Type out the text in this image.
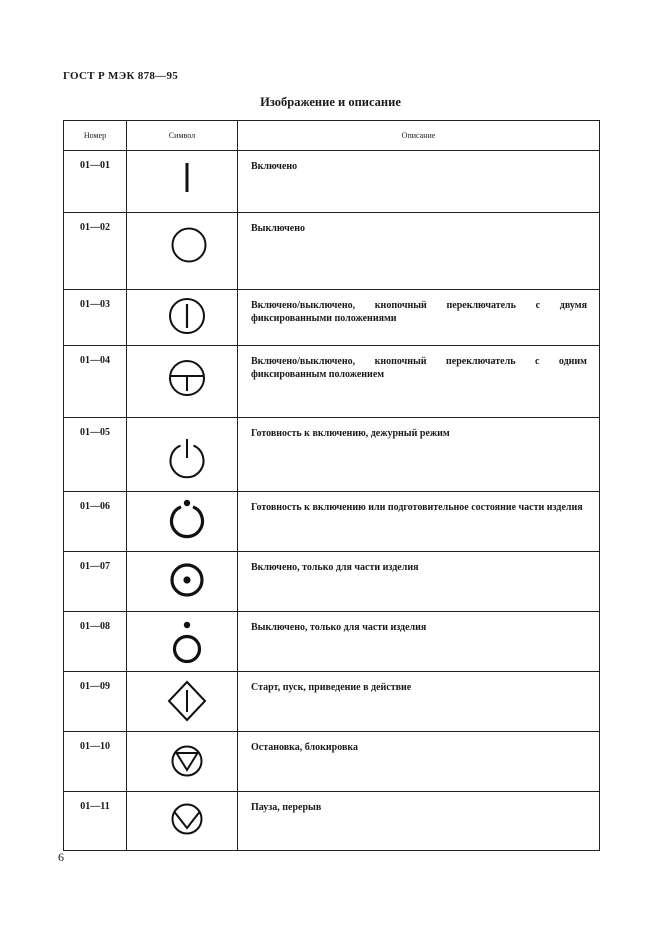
ГОСТ Р МЭК 878—95
Изображение и описание
Номер	Символ	Описание
01—01		Включено
01—02		Выключено
01—03		Включено/выключено, кнопочный переключатель с двумя фиксированными положениями
01—04		Включено/выключено, кнопочный переключатель с одним фиксированным положением
01—05		Готовность к включению, дежурный режим
01—06		Готовность к включению или подготовительное состояние части изделия
01—07		Включено, только для части изделия
01—08		Выключено, только для части изделия
01—09		Старт, пуск, приведение в действие
01—10		Остановка, блокировка
01—11		Пауза, перерыв
6
